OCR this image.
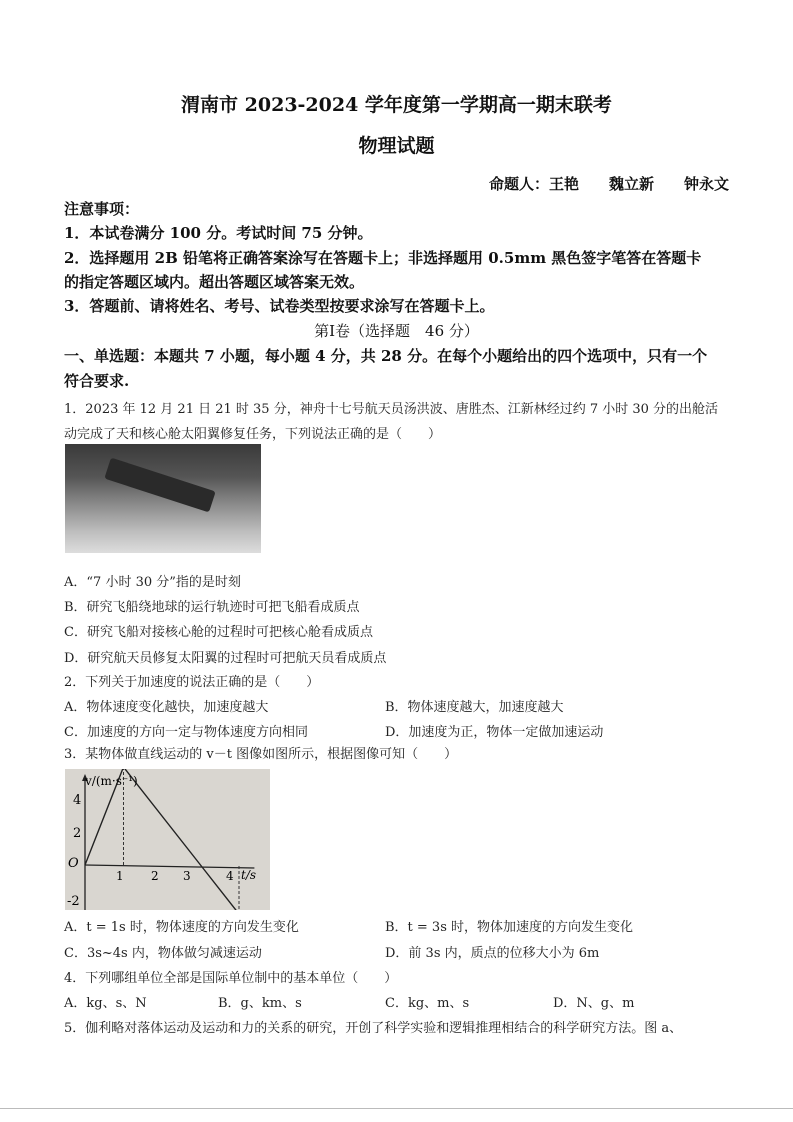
渭南市 2023-2024 学年度第一学期高一期末联考
物理试题
命题人：王艳　　魏立新　　钟永文
注意事项：
1．本试卷满分 100 分。考试时间 75 分钟。
2．选择题用 2B 铅笔将正确答案涂写在答题卡上；非选择题用 0.5mm 黑色签字笔答在答题卡
的指定答题区域内。超出答题区域答案无效。
3．答题前、请将姓名、考号、试卷类型按要求涂写在答题卡上。
第Ⅰ卷（选择题　46 分）
一、单选题：本题共 7 小题，每小题 4 分，共 28 分。在每个小题给出的四个选项中，只有一个
符合要求.
1．2023 年 12 月 21 日 21 时 35 分，神舟十七号航天员汤洪波、唐胜杰、江新林经过约 7 小时 30 分的出舱活
动完成了天和核心舱太阳翼修复任务，下列说法正确的是（　　）
A．“7 小时 30 分”指的是时刻
B．研究飞船绕地球的运行轨迹时可把飞船看成质点
C．研究飞船对接核心舱的过程时可把核心舱看成质点
D．研究航天员修复太阳翼的过程时可把航天员看成质点
2．下列关于加速度的说法正确的是（　　）
A．物体速度变化越快，加速度越大	B．物体速度越大，加速度越大
C．加速度的方向一定与物体速度方向相同	D．加速度为正，物体一定做加速运动
3．某物体做直线运动的 v－t 图像如图所示，根据图像可知（　　）
v/(m·s⁻¹)
t/s
O
1 2 3	4
4
2
-2
A．t = 1s 时，物体速度的方向发生变化	B．t = 3s 时，物体加速度的方向发生变化
C．3s~4s 内，物体做匀减速运动	D．前 3s 内，质点的位移大小为 6m
4．下列哪组单位全部是国际单位制中的基本单位（　　）
A．kg、s、N	B．g、km、s	C．kg、m、s	D．N、g、m
5．伽利略对落体运动及运动和力的关系的研究，开创了科学实验和逻辑推理相结合的科学研究方法。图 a、
